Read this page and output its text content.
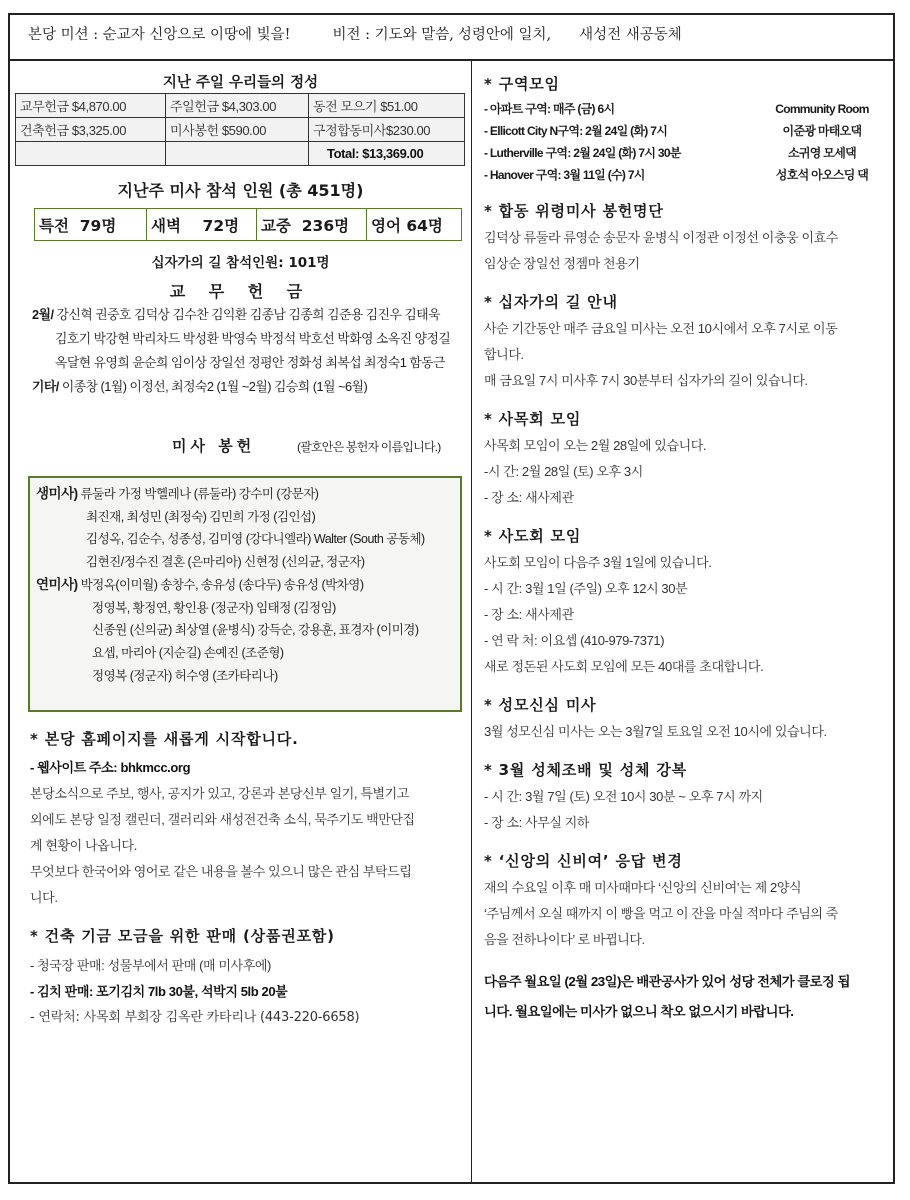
본당 미션 : 순교자 신앙으로 이땅에 빛을!	비전 : 기도와 말씀, 성령안에 일치, 새성전 새공동체
지난 주일 우리들의 정성
교무헌금 $4,870.00	주일헌금 $4,303.00	동전 모으기 $51.00
건축헌금 $3,325.00	미사봉헌 $590.00	구정합동미사$230.00
		Total: $13,369.00
지난주 미사 참석 인원 (총 451명)
특전 79명	새벽 72명	교중 236명	영어 64명
십자가의 길 참석인원: 101명
교 무 헌 금
2월/ 강신혁 권중호 김덕상 김수찬 김익환 김종남 김종희 김준용 김진우 김태욱
김호기 박강현 박리차드 박성환 박영숙 박정석 박호선 박화영 소옥진 양정길
옥달현 유영희 윤순희 임이상 장일선 정평안 정화성 최복섭 최정숙1 함동근
기타/ 이종창 (1월) 이정선, 최정숙2 (1월 ~2월) 김승희 (1월 ~6월)
미사 봉헌	(괄호안은 봉헌자 이름입니다.)
생미사) 류둘라 가정 박헬레나 (류둘라) 강수미 (강문자)
최진재, 최성민 (최정숙) 김민희 가정 (김인섭)
김성옥, 김순수, 성종성, 김미영 (강다니엘라) Walter (South 공동체)
김현진/정수진 결혼 (은마리아) 신현정 (신의균, 정군자)
연미사) 박정옥(이미월) 송창수, 송유성 (송다두) 송유성 (박차영)
정영복, 황정연, 황인용 (정군자) 임태정 (김정임)
신종원 (신의균) 최상열 (윤병식) 강득순, 강용훈, 표경자 (이미경)
요셉, 마리아 (지순길) 손예진 (조준형)
정영복 (정군자) 허수영 (조카타리나)
* 본당 홈페이지를 새롭게 시작합니다.
- 웹사이트 주소: bhkmcc.org
본당소식으로 주보, 행사, 공지가 있고, 강론과 본당신부 일기, 특별기고
외에도 본당 일정 캘린더, 갤러리와 새성전건축 소식, 묵주기도 백만단집
계 현황이 나옵니다.
무엇보다 한국어와 영어로 같은 내용을 볼수 있으니 많은 관심 부탁드립
니다.
* 건축 기금 모금을 위한 판매 (상품권포함)
- 청국장 판매: 성물부에서 판매 (매 미사후에)
- 김치 판매: 포기김치 7lb 30불, 석박지 5lb 20불
- 연락처: 사목회 부회장 김옥란 카타리나 (443-220-6658)
* 구역모임
- 아파트 구역: 매주 (금) 6시	Community Room
- Ellicott City N구역: 2월 24일 (화) 7시	이준광 마태오댁
- Lutherville 구역: 2월 24일 (화) 7시 30분	소귀영 모세댁
- Hanover 구역: 3월 11일 (수) 7시	성호석 아오스딩 댁
* 합동 위령미사 봉헌명단
김덕상 류둘라 류영순 송문자 윤병식 이정관 이정선 이충웅 이효수
임상순 장일선 정젬마 천용기
* 십자가의 길 안내
사순 기간동안 매주 금요일 미사는 오전 10시에서 오후 7시로 이동
합니다.
매 금요일 7시 미사후 7시 30분부터 십자가의 길이 있습니다.
* 사목회 모임
사목회 모임이 오는 2월 28일에 있습니다.
-시 간: 2월 28일 (토) 오후 3시
- 장 소: 새사제관
* 사도회 모임
사도회 모임이 다음주 3월 1일에 있습니다.
- 시 간: 3월 1일 (주일) 오후 12시 30분
- 장 소: 새사제관
- 연 락 처: 이요셉 (410-979-7371)
새로 정돈된 사도회 모임에 모든 40대를 초대합니다.
* 성모신심 미사
3월 성모신심 미사는 오는 3월7일 토요일 오전 10시에 있습니다.
* 3월 성체조배 및 성체 강복
- 시 간: 3월 7일 (토) 오전 10시 30분 ~ 오후 7시 까지
- 장 소: 사무실 지하
* ‘신앙의 신비여’ 응답 변경
재의 수요일 이후 매 미사때마다 ‘신앙의 신비여’는 제 2양식
‘주님께서 오실 때까지 이 빵을 먹고 이 잔을 마실 적마다 주님의 죽
음을 전하나이다’ 로 바뀝니다.
다음주 월요일 (2월 23일)은 배관공사가 있어 성당 전체가 클로징 됩
니다. 월요일에는 미사가 없으니 착오 없으시기 바랍니다.
